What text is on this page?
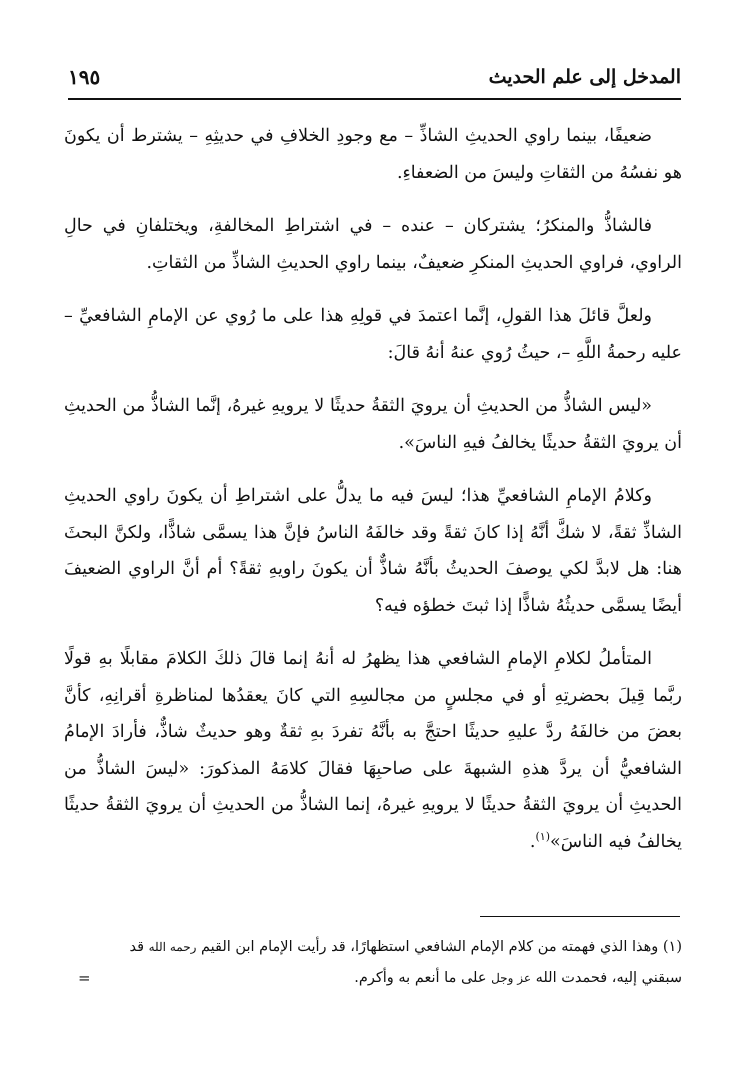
١٩٥	المدخل إلى علم الحديث

ضعيفًا، بينما راوي الحديثِ الشاذِّ – مع وجودِ الخلافِ في حديثِهِ – يشترط أن يكونَ هو نفسُهُ من الثقاتِ وليسَ من الضعفاءِ.

فالشاذُّ والمنكرُ؛ يشتركان – عنده – في اشتراطِ المخالفةِ، ويختلفانِ في حالِ الراوي، فراوي الحديثِ المنكرِ ضعيفٌ، بينما راوي الحديثِ الشاذِّ من الثقاتِ.

ولعلَّ قائلَ هذا القولِ، إنَّما اعتمدَ في قولِهِ هذا على ما رُوي عن الإمامِ الشافعيِّ – عليه رحمةُ اللَّهِ –، حيثُ رُوي عنهُ أنهُ قالَ:

«ليس الشاذُّ من الحديثِ أن يرويَ الثقةُ حديثًا لا يرويهِ غيرهُ، إنَّما الشاذُّ من الحديثِ أن يرويَ الثقةُ حديثًا يخالفُ فيهِ الناسَ».

وكلامُ الإمامِ الشافعيِّ هذا؛ ليسَ فيه ما يدلُّ على اشتراطِ أن يكونَ راوي الحديثِ الشاذِّ ثقةً، لا شكَّ أنَّهُ إذا كانَ ثقةً وقد خالفَهُ الناسُ فإنَّ هذا يسمَّى شاذًّا، ولكنَّ البحثَ هنا: هل لابدَّ لكي يوصفَ الحديثُ بأنَّهُ شاذٌّ أن يكونَ راويهِ ثقةً؟ أم أنَّ الراوي الضعيفَ أيضًا يسمَّى حديثُهُ شاذًّا إذا ثبتَ خطؤه فيه؟

المتأملُ لكلامِ الإمامِ الشافعي هذا يظهرُ له أنهُ إنما قالَ ذلكَ الكلامَ مقابلًا بهِ قولًا ربَّما قِيلَ بحضرتِهِ أو في مجلسٍ من مجالسِهِ التي كانَ يعقدُها لمناظرةِ أقرانِهِ، كأنَّ بعضَ من خالفَهُ ردَّ عليهِ حديثًا احتجَّ به بأنَّهُ تفردَ بهِ ثقةٌ وهو حديثٌ شاذٌّ، فأرادَ الإمامُ الشافعيُّ أن يردَّ هذهِ الشبهةَ على صاحبِهَا فقالَ كلامَهُ المذكورَ: «ليسَ الشاذُّ من الحديثِ أن يرويَ الثقةُ حديثًا لا يرويهِ غيرهُ، إنما الشاذُّ من الحديثِ أن يرويَ الثقةُ حديثًا يخالفُ فيه الناسَ»$^{(١)}$.

(١) وهذا الذي فهمته من كلام الإمام الشافعي استظهارًا، قد رأيت الإمام ابن القيم رحمه الله قد

سبقني إليه، فحمدت الله عز وجل على ما أنعم به وأكرم.
=
